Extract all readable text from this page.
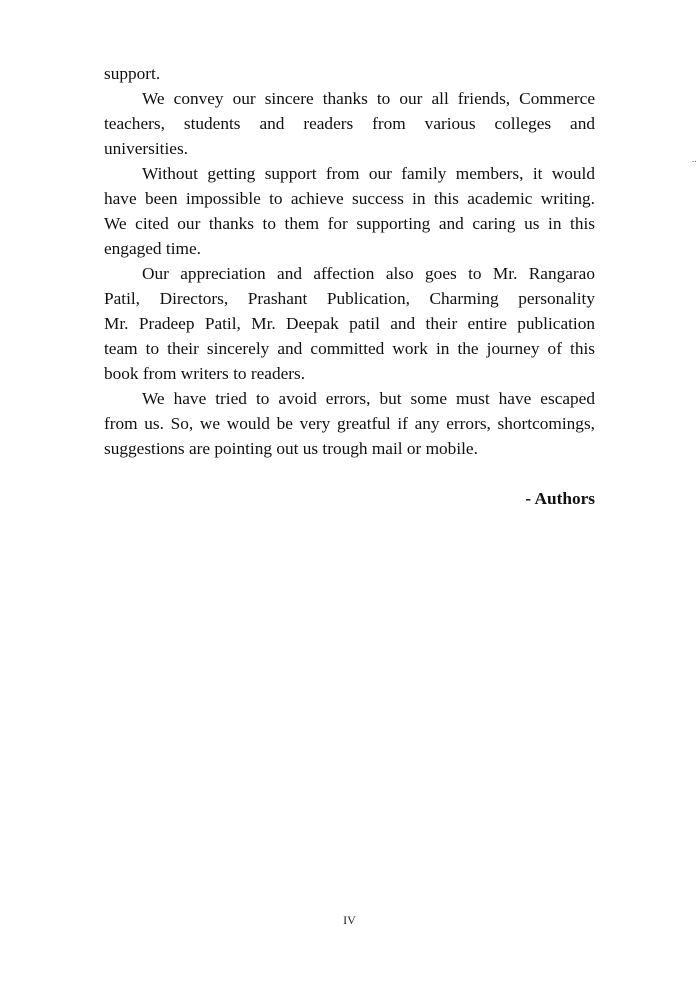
support.
We convey our sincere thanks to our all friends, Commerce
teachers, students and readers from various colleges and
universities.
Without getting support from our family members, it would
have been impossible to achieve success in this academic writing.
We cited our thanks to them for supporting and caring us in this
engaged time.
Our appreciation and affection also goes to Mr. Rangarao
Patil, Directors, Prashant Publication, Charming personality
Mr. Pradeep Patil, Mr. Deepak patil and their entire publication
team to their sincerely and committed work in the journey of this
book from writers to readers.
We have tried to avoid errors, but some must have escaped
from us. So, we would be very greatful if any errors, shortcomings,
suggestions are pointing out us trough mail or mobile.
- Authors
..
IV
